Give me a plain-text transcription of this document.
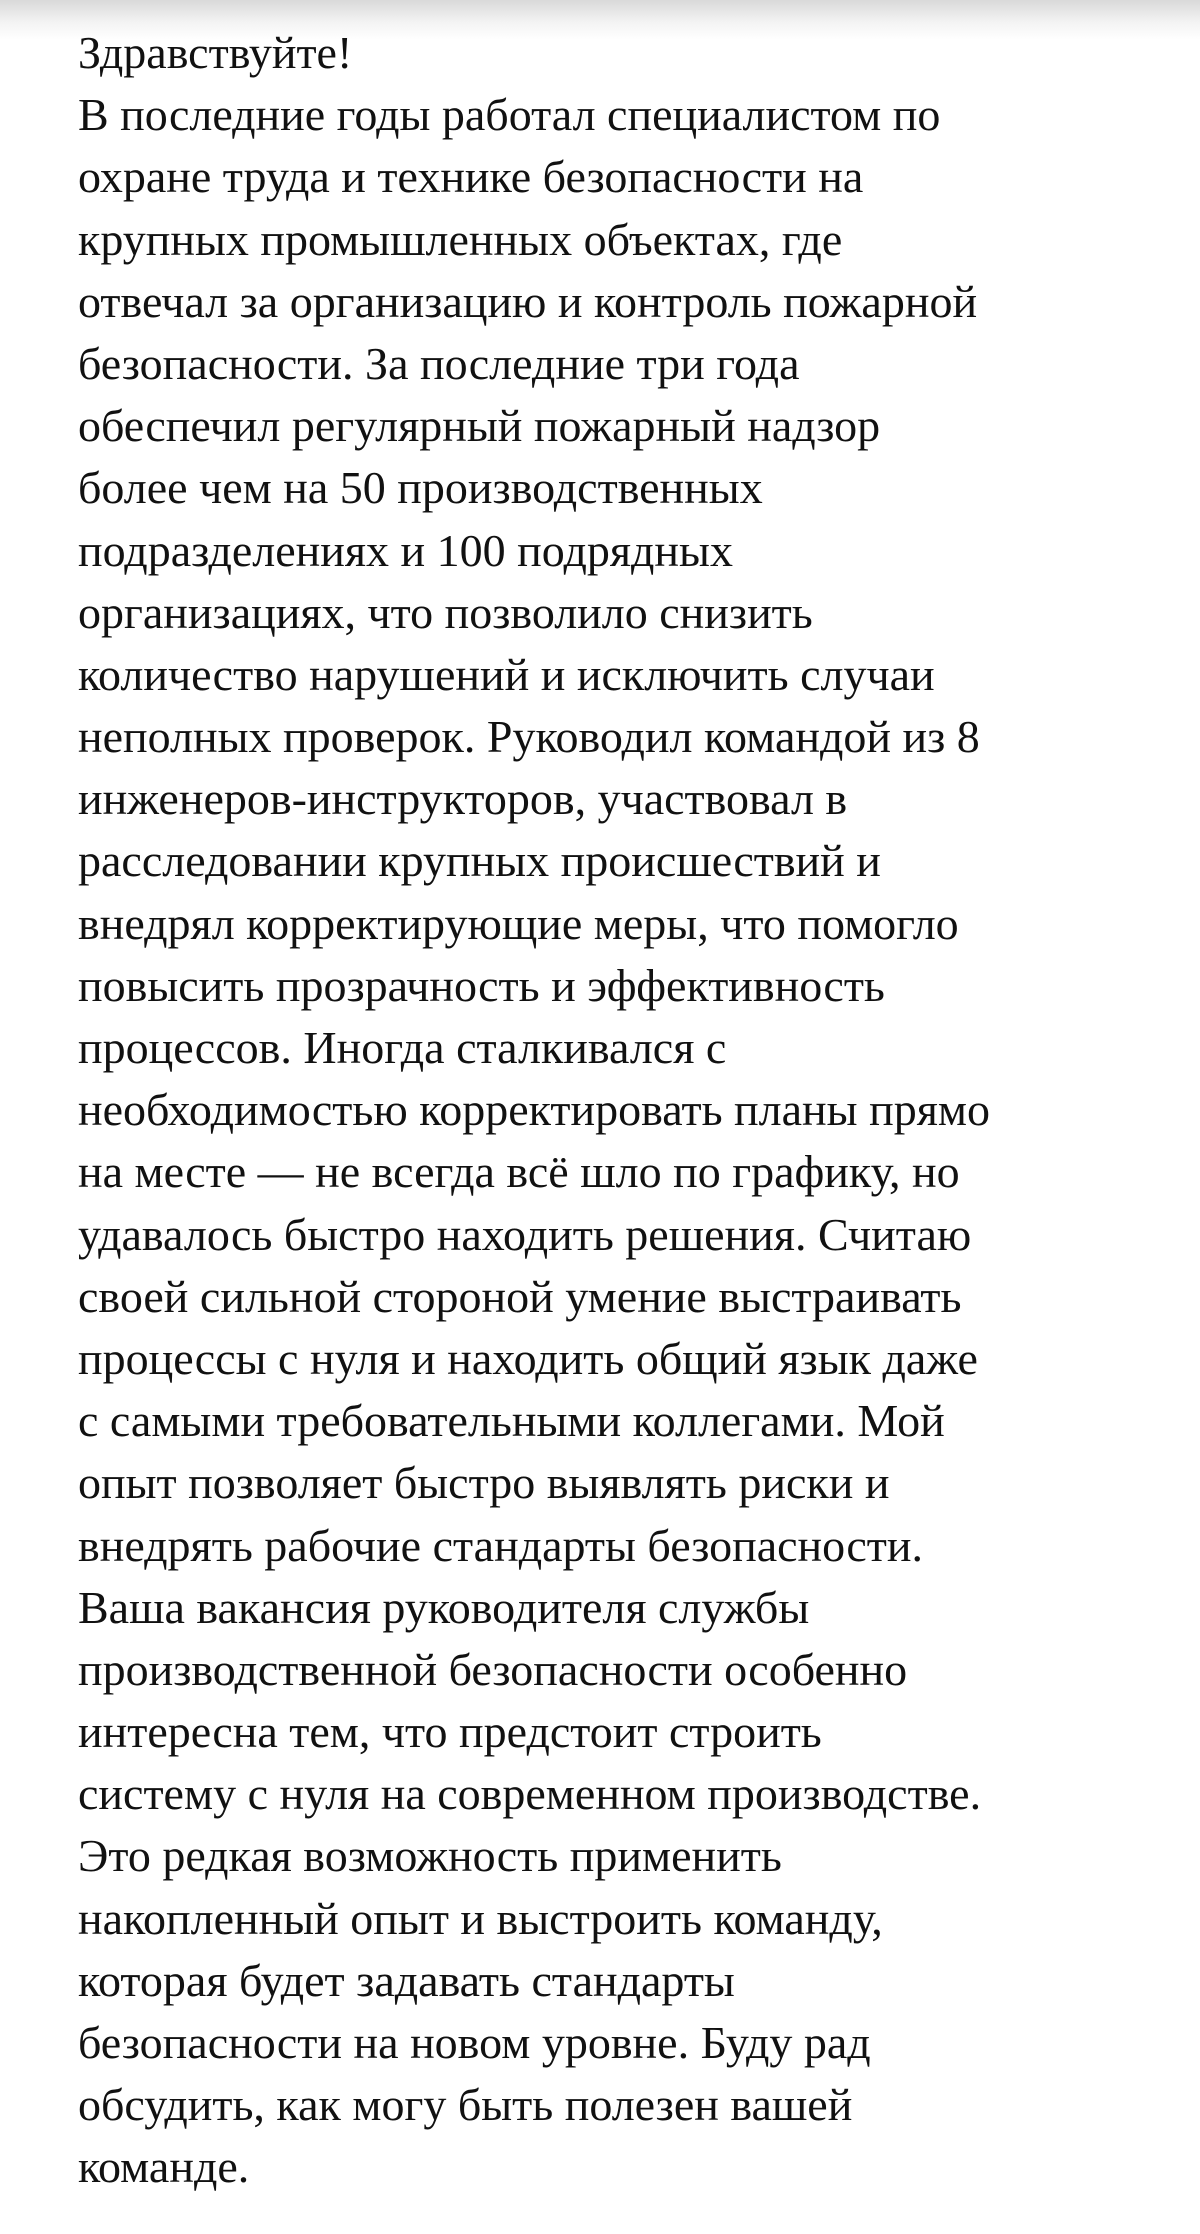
Здравствуйте!
В последние годы работал специалистом по
охране труда и технике безопасности на
крупных промышленных объектах, где
отвечал за организацию и контроль пожарной
безопасности. За последние три года
обеспечил регулярный пожарный надзор
более чем на 50 производственных
подразделениях и 100 подрядных
организациях, что позволило снизить
количество нарушений и исключить случаи
неполных проверок. Руководил командой из 8
инженеров-инструкторов, участвовал в
расследовании крупных происшествий и
внедрял корректирующие меры, что помогло
повысить прозрачность и эффективность
процессов. Иногда сталкивался с
необходимостью корректировать планы прямо
на месте — не всегда всё шло по графику, но
удавалось быстро находить решения. Считаю
своей сильной стороной умение выстраивать
процессы с нуля и находить общий язык даже
с самыми требовательными коллегами. Мой
опыт позволяет быстро выявлять риски и
внедрять рабочие стандарты безопасности.
Ваша вакансия руководителя службы
производственной безопасности особенно
интересна тем, что предстоит строить
систему с нуля на современном производстве.
Это редкая возможность применить
накопленный опыт и выстроить команду,
которая будет задавать стандарты
безопасности на новом уровне. Буду рад
обсудить, как могу быть полезен вашей
команде.
